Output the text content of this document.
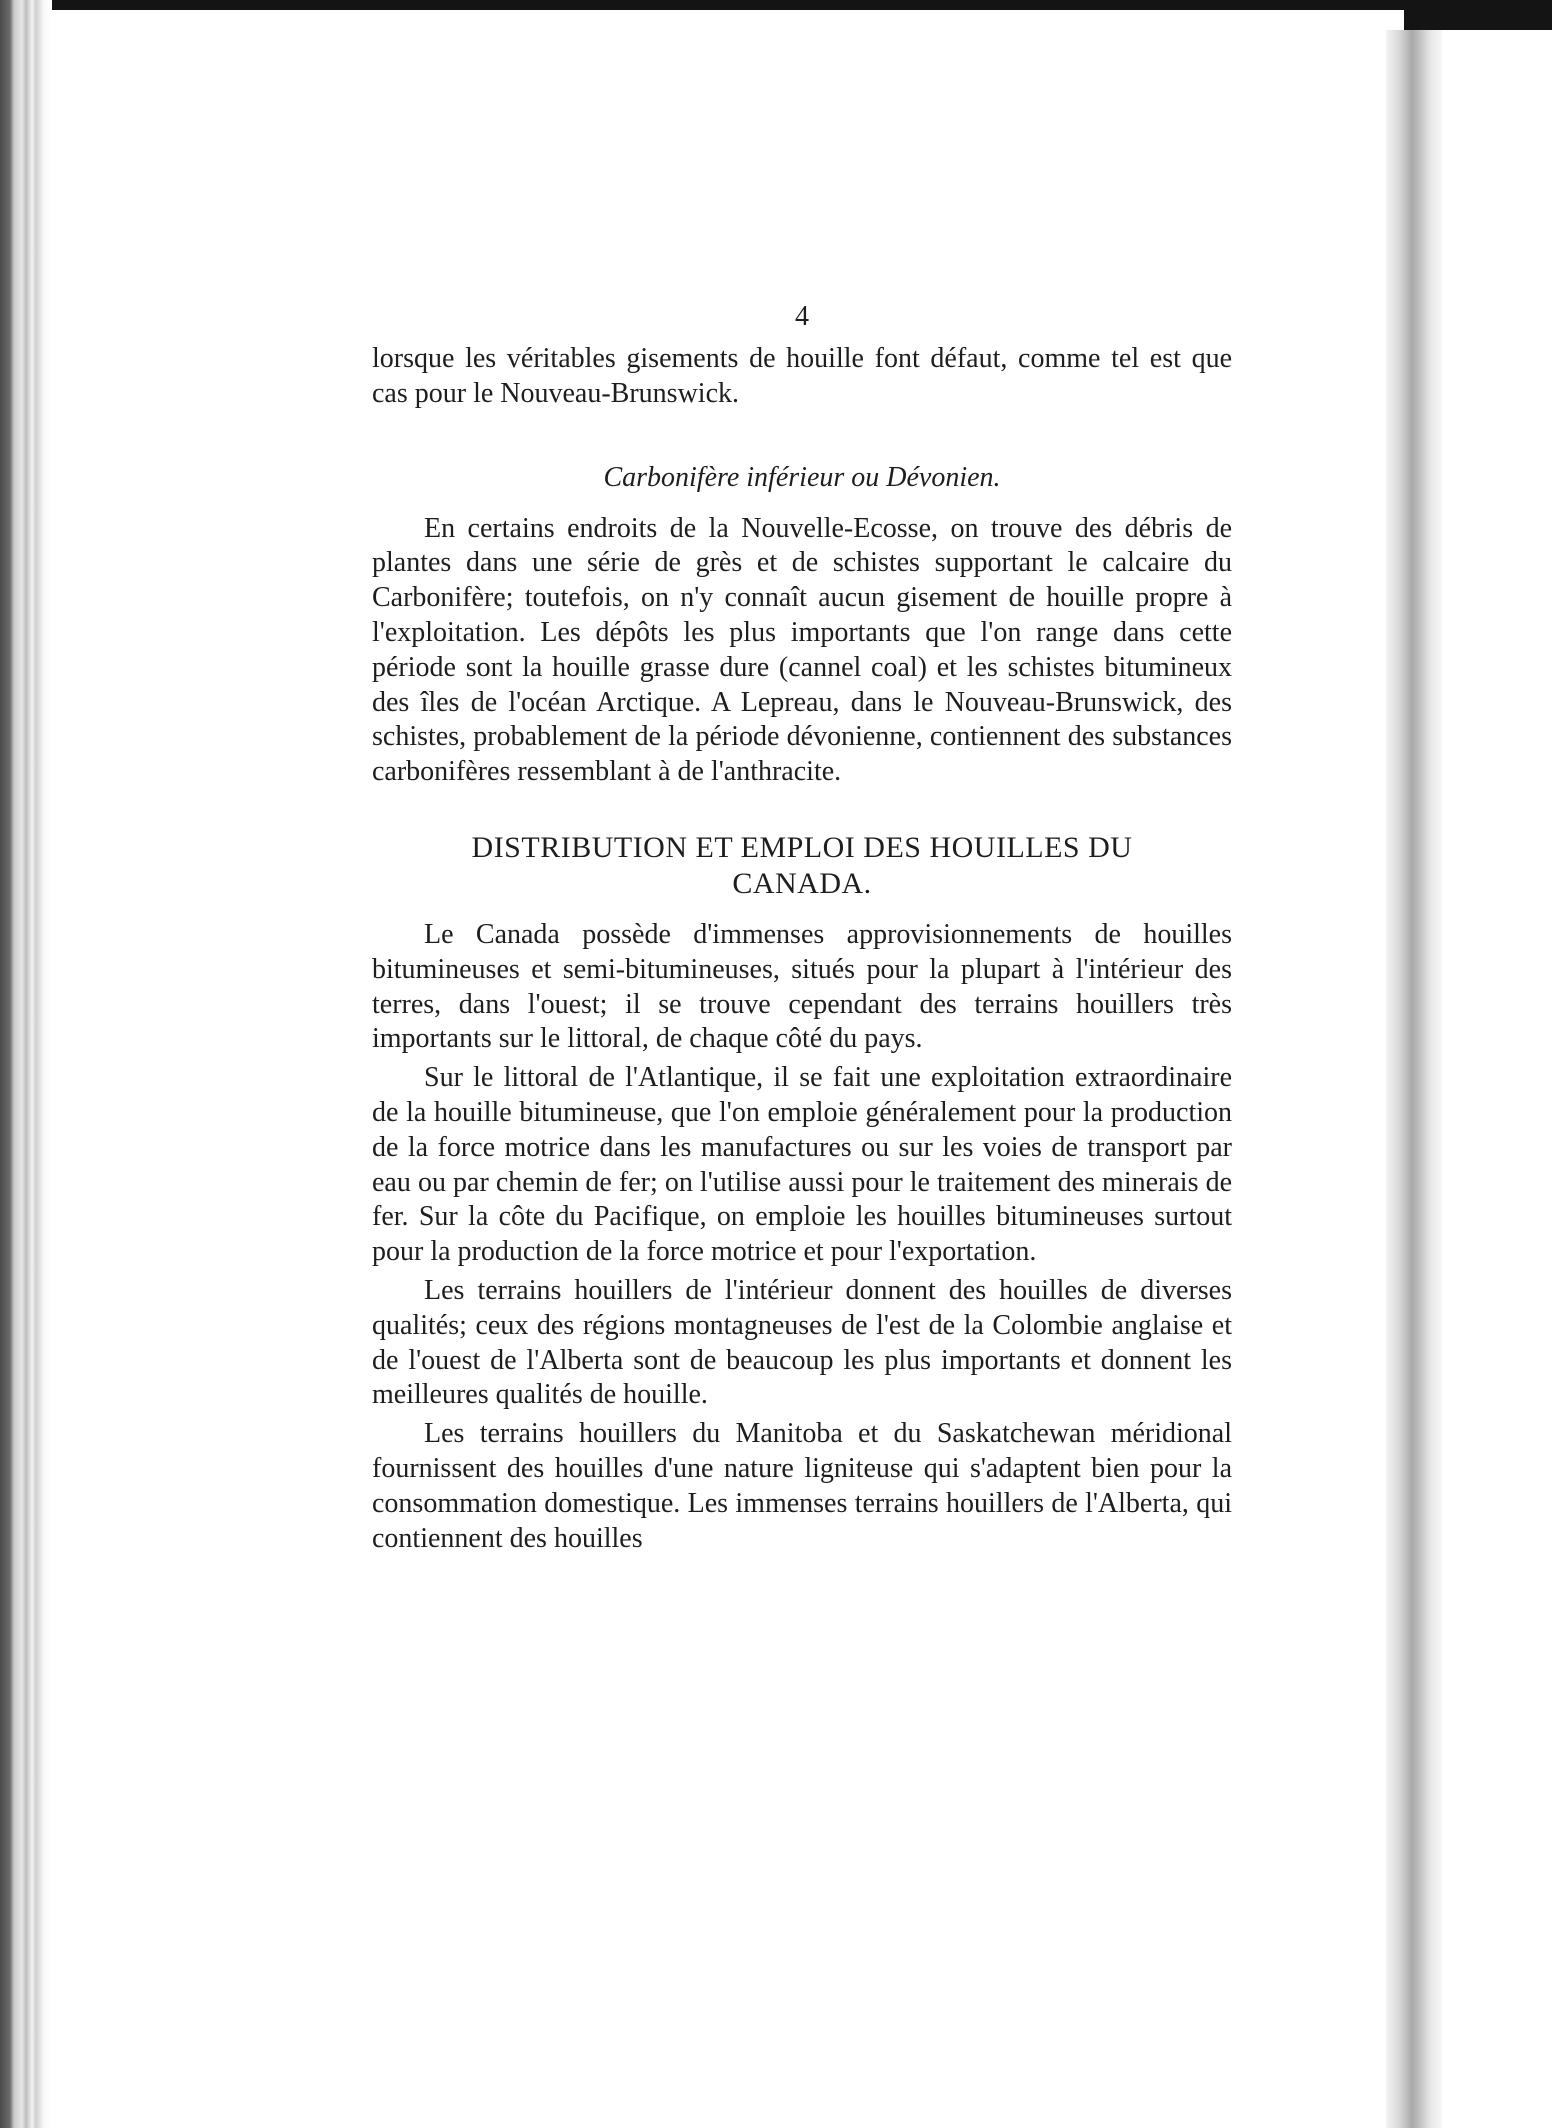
4

lorsque les véritables gisements de houille font défaut, comme tel est que cas pour le Nouveau-Brunswick.

Carbonifère inférieur ou Dévonien.

En certains endroits de la Nouvelle-Ecosse, on trouve des débris de plantes dans une série de grès et de schistes supportant le calcaire du Carbonifère; toutefois, on n'y connaît aucun gisement de houille propre à l'exploitation. Les dépôts les plus importants que l'on range dans cette période sont la houille grasse dure (cannel coal) et les schistes bitumineux des îles de l'océan Arctique. A Lepreau, dans le Nouveau-Brunswick, des schistes, probablement de la période dévonienne, contiennent des substances carbonifères ressemblant à de l'anthracite.

DISTRIBUTION ET EMPLOI DES HOUILLES DU
CANADA.

Le Canada possède d'immenses approvisionnements de houilles bitumineuses et semi-bitumineuses, situés pour la plupart à l'intérieur des terres, dans l'ouest; il se trouve cependant des terrains houillers très importants sur le littoral, de chaque côté du pays.

Sur le littoral de l'Atlantique, il se fait une exploitation extraordinaire de la houille bitumineuse, que l'on emploie généralement pour la production de la force motrice dans les manufactures ou sur les voies de transport par eau ou par chemin de fer; on l'utilise aussi pour le traitement des minerais de fer. Sur la côte du Pacifique, on emploie les houilles bitumineuses surtout pour la production de la force motrice et pour l'exportation.

Les terrains houillers de l'intérieur donnent des houilles de diverses qualités; ceux des régions montagneuses de l'est de la Colombie anglaise et de l'ouest de l'Alberta sont de beaucoup les plus importants et donnent les meilleures qualités de houille.

Les terrains houillers du Manitoba et du Saskatchewan méridional fournissent des houilles d'une nature ligniteuse qui s'adaptent bien pour la consommation domestique. Les immenses terrains houillers de l'Alberta, qui contiennent des houilles
